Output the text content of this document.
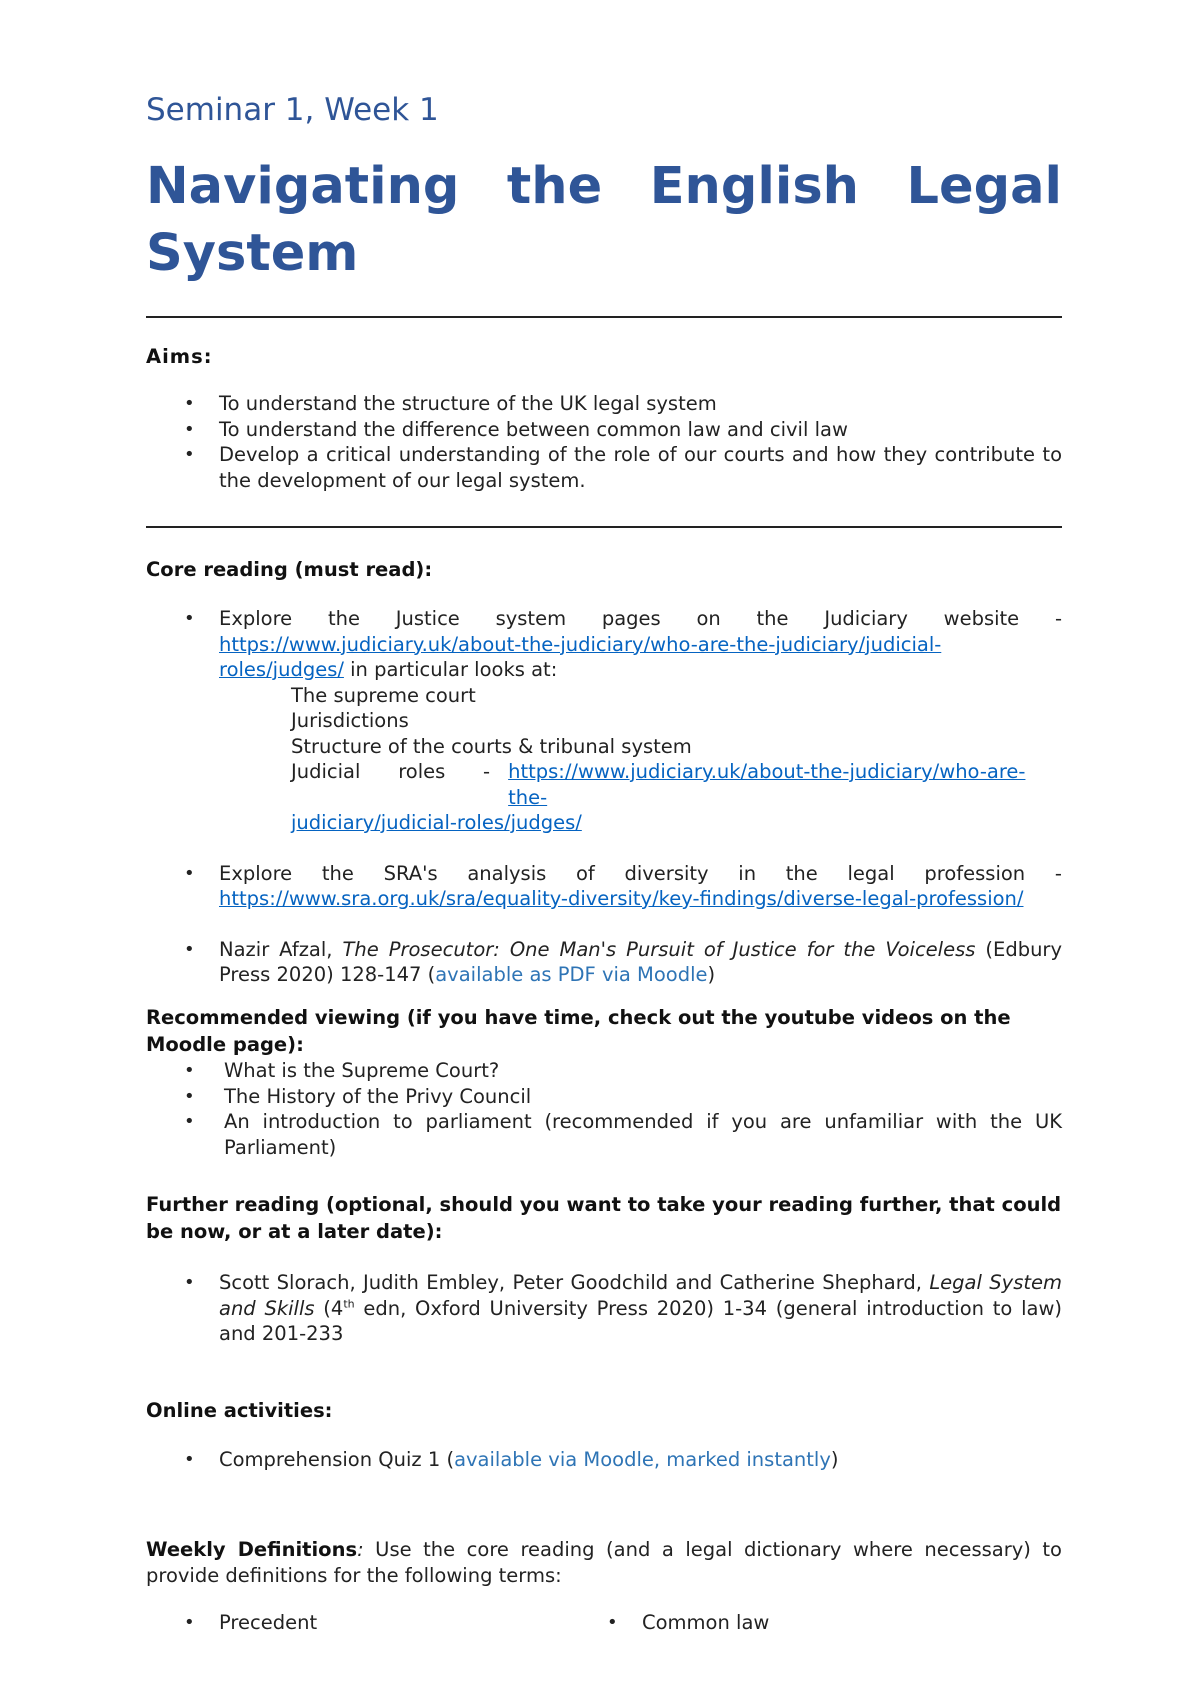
Seminar 1, Week 1
Navigating the English Legal
System
Aims:
• To understand the structure of the UK legal system
• To understand the difference between common law and civil law
• Develop a critical understanding of the role of our courts and how they contribute to the development of our legal system.
Core reading (must read):
• Explore the Justice system pages on the Judiciary website -
https://www.judiciary.uk/about-the-judiciary/who-are-the-judiciary/judicial-
roles/judges/ in particular looks at:
The supreme court
Jurisdictions
Structure of the courts & tribunal system
Judicial roles - https://www.judiciary.uk/about-the-judiciary/who-are-the-
judiciary/judicial-roles/judges/
• Explore the SRA's analysis of diversity in the legal profession -
https://www.sra.org.uk/sra/equality-diversity/key-findings/diverse-legal-profession/
• Nazir Afzal, The Prosecutor: One Man's Pursuit of Justice for the Voiceless (Edbury Press 2020) 128-147 (available as PDF via Moodle)
Recommended viewing (if you have time, check out the youtube videos on the Moodle page):
• What is the Supreme Court?
• The History of the Privy Council
• An introduction to parliament (recommended if you are unfamiliar with the UK Parliament)
Further reading (optional, should you want to take your reading further, that could be now, or at a later date):
• Scott Slorach, Judith Embley, Peter Goodchild and Catherine Shephard, Legal System and Skills (4th edn, Oxford University Press 2020) 1-34 (general introduction to law) and 201-233
Online activities:
• Comprehension Quiz 1 (available via Moodle, marked instantly)
Weekly Definitions: Use the core reading (and a legal dictionary where necessary) to provide definitions for the following terms:
• Precedent
•	Common law
